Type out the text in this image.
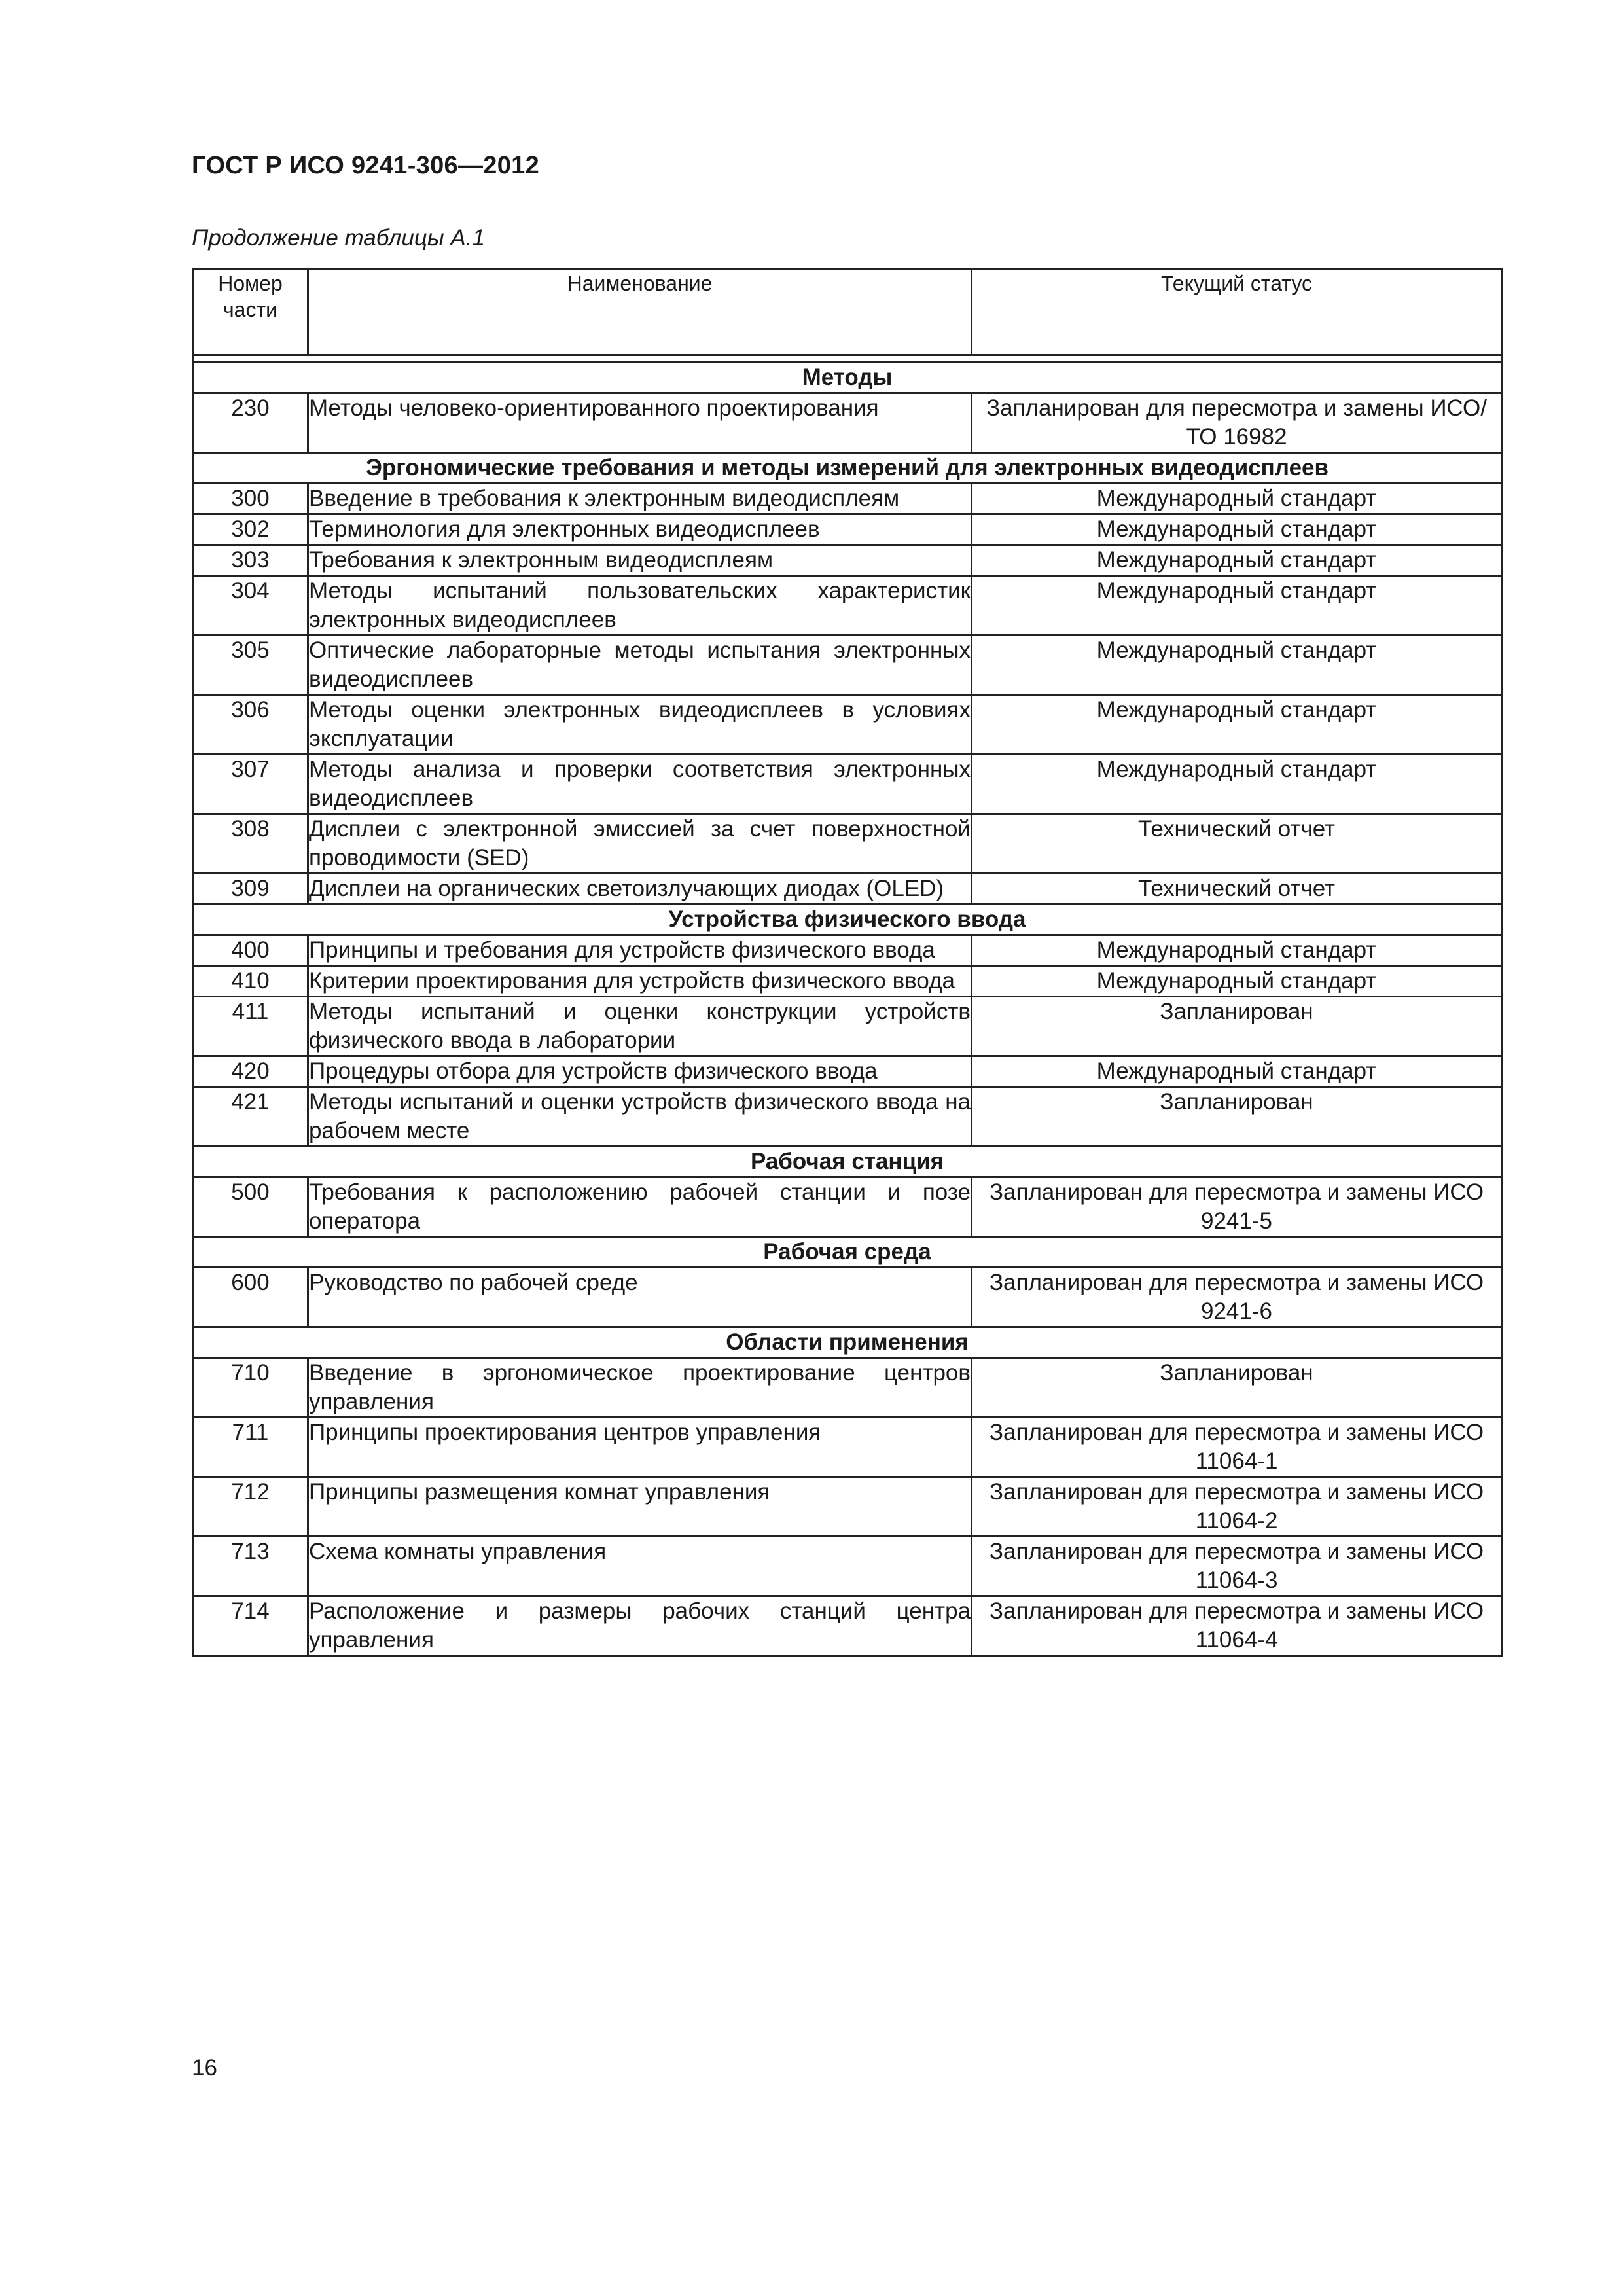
ГОСТ Р ИСО 9241-306—2012
Продолжение таблицы А.1
Номер части	Наименование	Текущий статус

Методы		
230	Методы человеко-ориентированного проектирования	Запланирован для пересмотра и замены ИСО/ТО 16982
Эргономические требования и методы измерений для электронных видеодисплеев		
300	Введение в требования к электронным видеодисплеям	Международный стандарт
302	Терминология для электронных видеодисплеев	Международный стандарт
303	Требования к электронным видеодисплеям	Международный стандарт
304	Методы испытаний пользовательских характеристик электронных видеодисплеев	Международный стандарт
305	Оптические лабораторные методы испытания электронных видеодисплеев	Международный стандарт
306	Методы оценки электронных видеодисплеев в условиях эксплуатации	Международный стандарт
307	Методы анализа и проверки соответствия электронных видеодисплеев	Международный стандарт
308	Дисплеи с электронной эмиссией за счет поверхностной проводимости (SED)	Технический отчет
309	Дисплеи на органических светоизлучающих диодах (OLED)	Технический отчет
Устройства физического ввода		
400	Принципы и требования для устройств физического ввода	Международный стандарт
410	Критерии проектирования для устройств физического ввода	Международный стандарт
411	Методы испытаний и оценки конструкции устройств физического ввода в лаборатории	Запланирован
420	Процедуры отбора для устройств физического ввода	Международный стандарт
421	Методы испытаний и оценки устройств физического ввода на рабочем месте	Запланирован
Рабочая станция		
500	Требования к расположению рабочей станции и позе оператора	Запланирован для пересмотра и замены ИСО 9241-5
Рабочая среда		
600	Руководство по рабочей среде	Запланирован для пересмотра и замены ИСО 9241-6
Области применения		
710	Введение в эргономическое проектирование центров управления	Запланирован
711	Принципы проектирования центров управления	Запланирован для пересмотра и замены ИСО 11064-1
712	Принципы размещения комнат управления	Запланирован для пересмотра и замены ИСО 11064-2
713	Схема комнаты управления	Запланирован для пересмотра и замены ИСО 11064-3
714	Расположение и размеры рабочих станций центра управления	Запланирован для пересмотра и замены ИСО 11064-4
16
